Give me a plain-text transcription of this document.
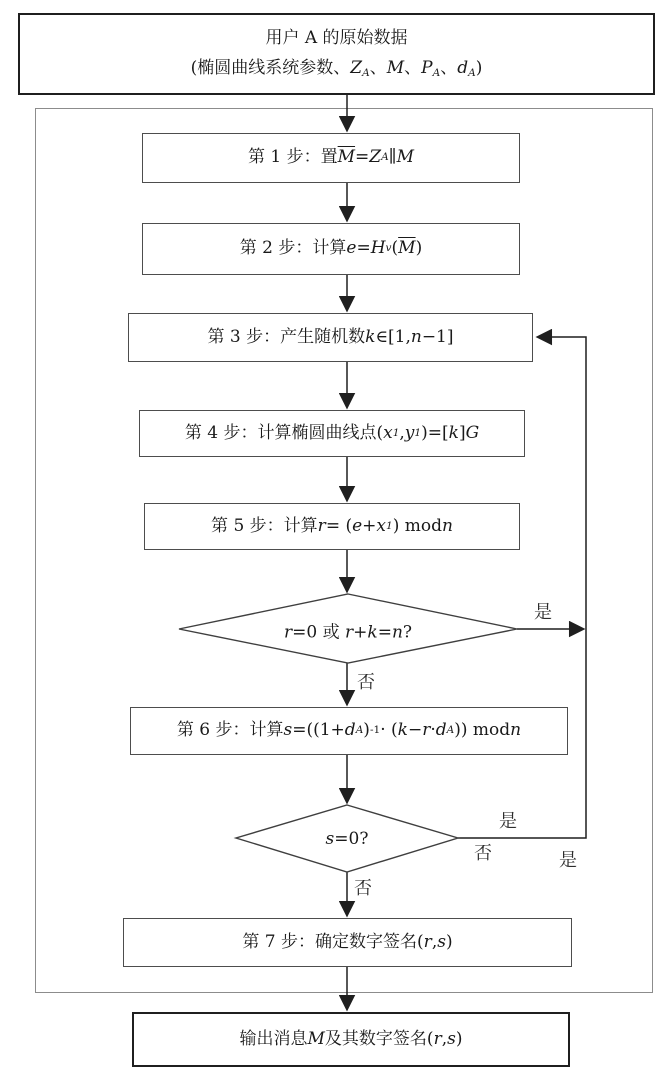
用户 A 的原始数据
(椭圆曲线系统参数、ZA、M、PA、dA)
第 1 步：置 $\overline{M} = Z$ A ∥ M
第 2 步：计算 e = H v ( $\overline{M}$ )
第 3 步：产生随机数 k ∈[1, n −1]
第 4 步：计算椭圆曲线点( x 1 , y 1 )=[ k ] G
第 5 步：计算 r = ( e + x 1 ) mod n
第 6 步：计算 s =((1+ d A ) -1 · ( k − r · d A )) mod n
第 7 步：确定数字签名( r , s )
输出消息 M 及其数字签名( r , s )
r=0 或 r+k=n?
s=0?
是
否
是
否	是
否
